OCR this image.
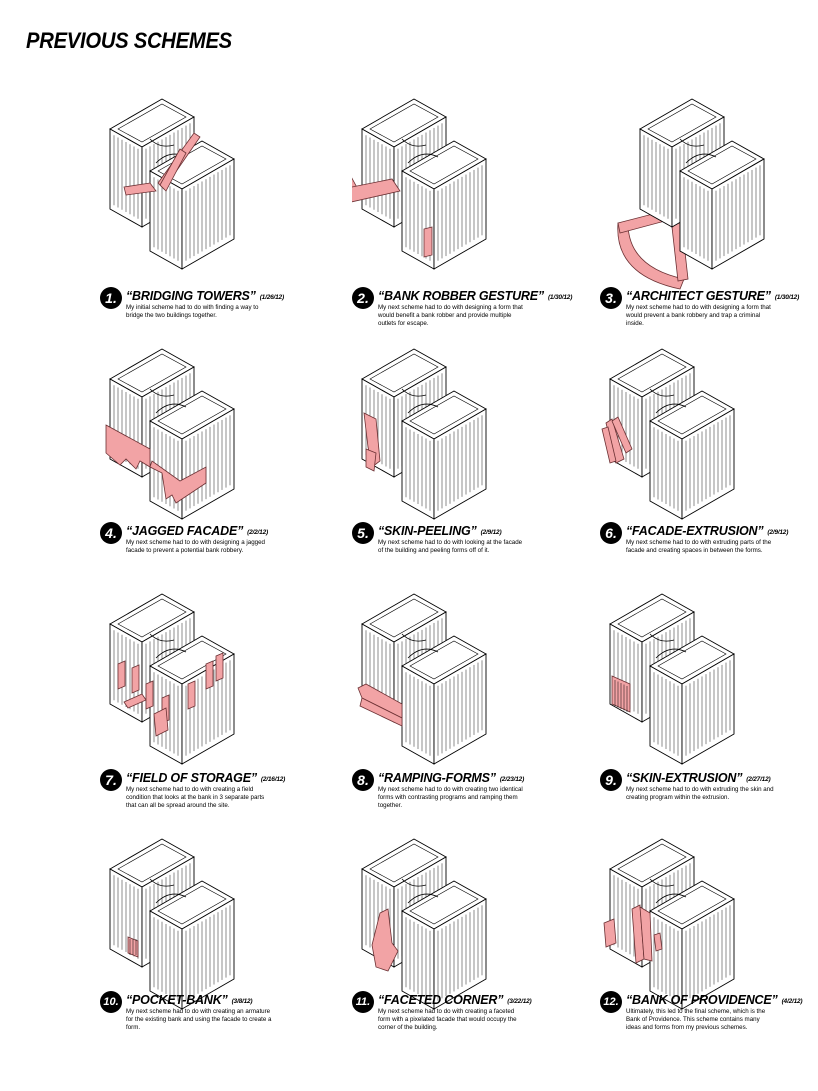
PREVIOUS SCHEMES
1. “BRIDGING TOWERS” (1/26/12)
My initial scheme had to do with finding a way to bridge the two buildings together.
2. “BANK ROBBER GESTURE” (1/30/12)
My next scheme had to do with designing a form that would benefit a bank robber and provide multiple outlets for escape.
3. “ARCHITECT GESTURE” (1/30/12)
My next scheme had to do with designing a form that would prevent a bank robbery and trap a criminal inside.
4. “JAGGED FACADE” (2/2/12)
My next scheme had to do with designing a jagged facade to prevent a potential bank robbery.
5. “SKIN-PEELING” (2/9/12)
My next scheme had to do with looking at the facade of the building and peeling forms off of it.
6. “FACADE-EXTRUSION” (2/9/12)
My next scheme had to do with extruding parts of the facade and creating spaces in between the forms.
7. “FIELD OF STORAGE” (2/16/12)
My next scheme had to do with creating a field condition that looks at the bank in 3 separate parts that can all be spread around the site.
8. “RAMPING-FORMS” (2/23/12)
My next scheme had to do with creating two identical forms with contrasting programs and ramping them together.
9. “SKIN-EXTRUSION” (2/27/12)
My next scheme had to do with extruding the skin and creating program within the extrusion.
10. “POCKET-BANK” (3/8/12)
My next scheme had to do with creating an armature for the existing bank and using the facade to create a form.
11. “FACETED CORNER” (3/22/12)
My next scheme had to do with creating a faceted form with a pixelated facade that would occupy the corner of the building.
12. “BANK OF PROVIDENCE” (4/2/12)
Ultimately, this led to the final scheme, which is the Bank of Providence. This scheme contains many ideas and forms from my previous schemes.
